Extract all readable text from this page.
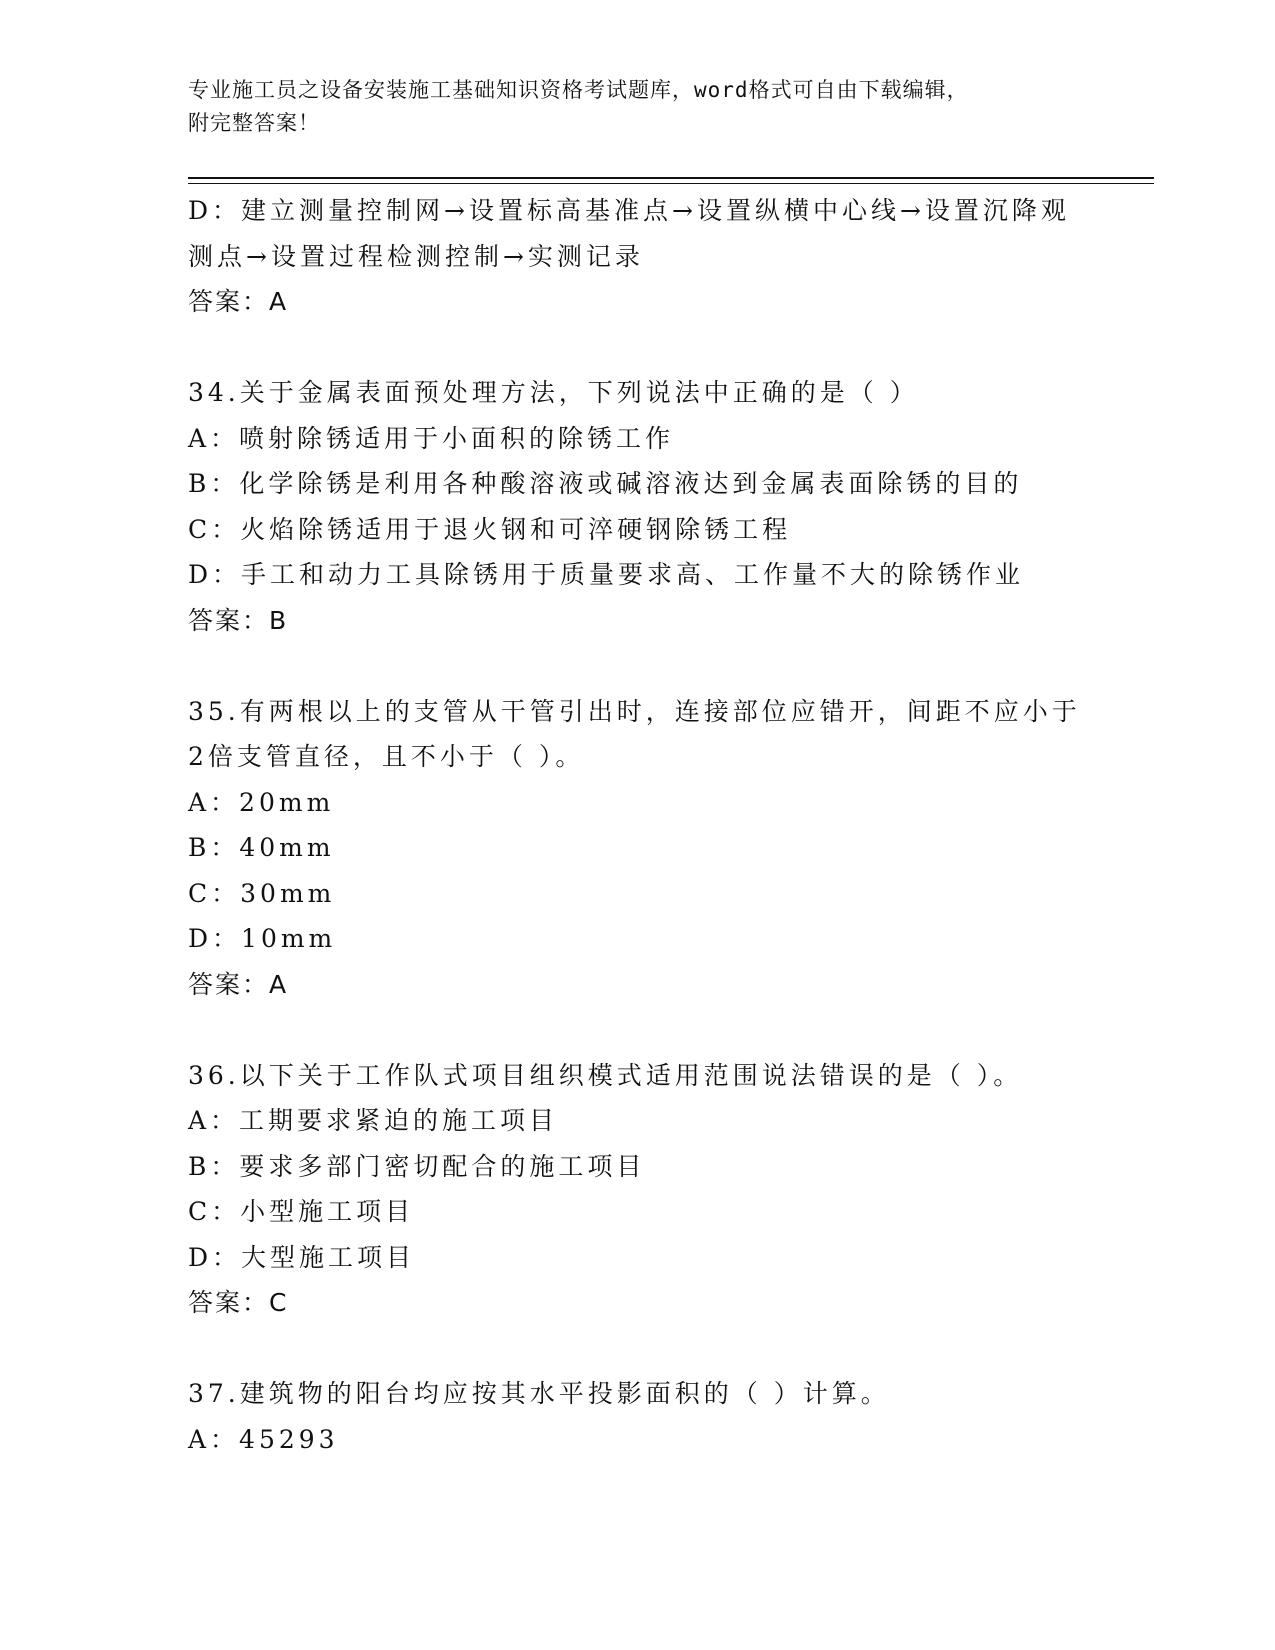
专业施工员之设备安装施工基础知识资格考试题库，word格式可自由下载编辑，
附完整答案！
D：建立测量控制网→设置标高基准点→设置纵横中心线→设置沉降观
测点→设置过程检测控制→实测记录
答案：A
34.关于金属表面预处理方法，下列说法中正确的是（ ）
A：喷射除锈适用于小面积的除锈工作
B：化学除锈是利用各种酸溶液或碱溶液达到金属表面除锈的目的
C：火焰除锈适用于退火钢和可淬硬钢除锈工程
D：手工和动力工具除锈用于质量要求高、工作量不大的除锈作业
答案：B
35.有两根以上的支管从干管引出时，连接部位应错开，间距不应小于
2倍支管直径，且不小于（ ）。
A：20mm
B：40mm
C：30mm
D：10mm
答案：A
36.以下关于工作队式项目组织模式适用范围说法错误的是（ ）。
A：工期要求紧迫的施工项目
B：要求多部门密切配合的施工项目
C：小型施工项目
D：大型施工项目
答案：C
37.建筑物的阳台均应按其水平投影面积的（ ）计算。
A：45293
